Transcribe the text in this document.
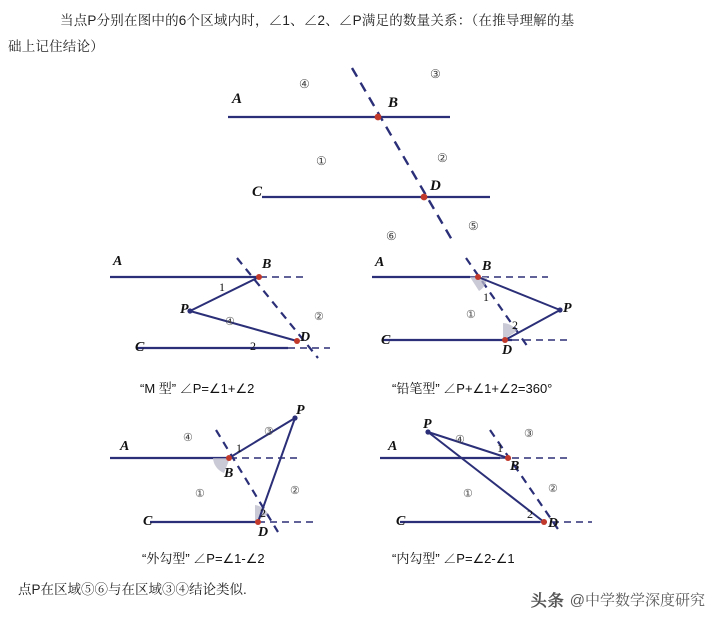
当点P分别在图中的6个区域内时，∠1、∠2、∠P满足的数量关系：（在推导理解的基
础上记住结论）
A	B
C	D
④
③
①	②
⑥
⑤
A	B
C
D
P
1
2
④	②
A	B
C
D
P
1
2
①
A
B
C
D
P
1
2
④	③
①	②
A
B
C	D
P
1
2
④	③
①	②
“M 型” ∠P=∠1+∠2	“铅笔型” ∠P+∠1+∠2=360°
“外勾型” ∠P=∠1-∠2	“内勾型” ∠P=∠2-∠1
点P在区域⑤⑥与在区域③④结论类似.
头条 @中学数学深度研究
